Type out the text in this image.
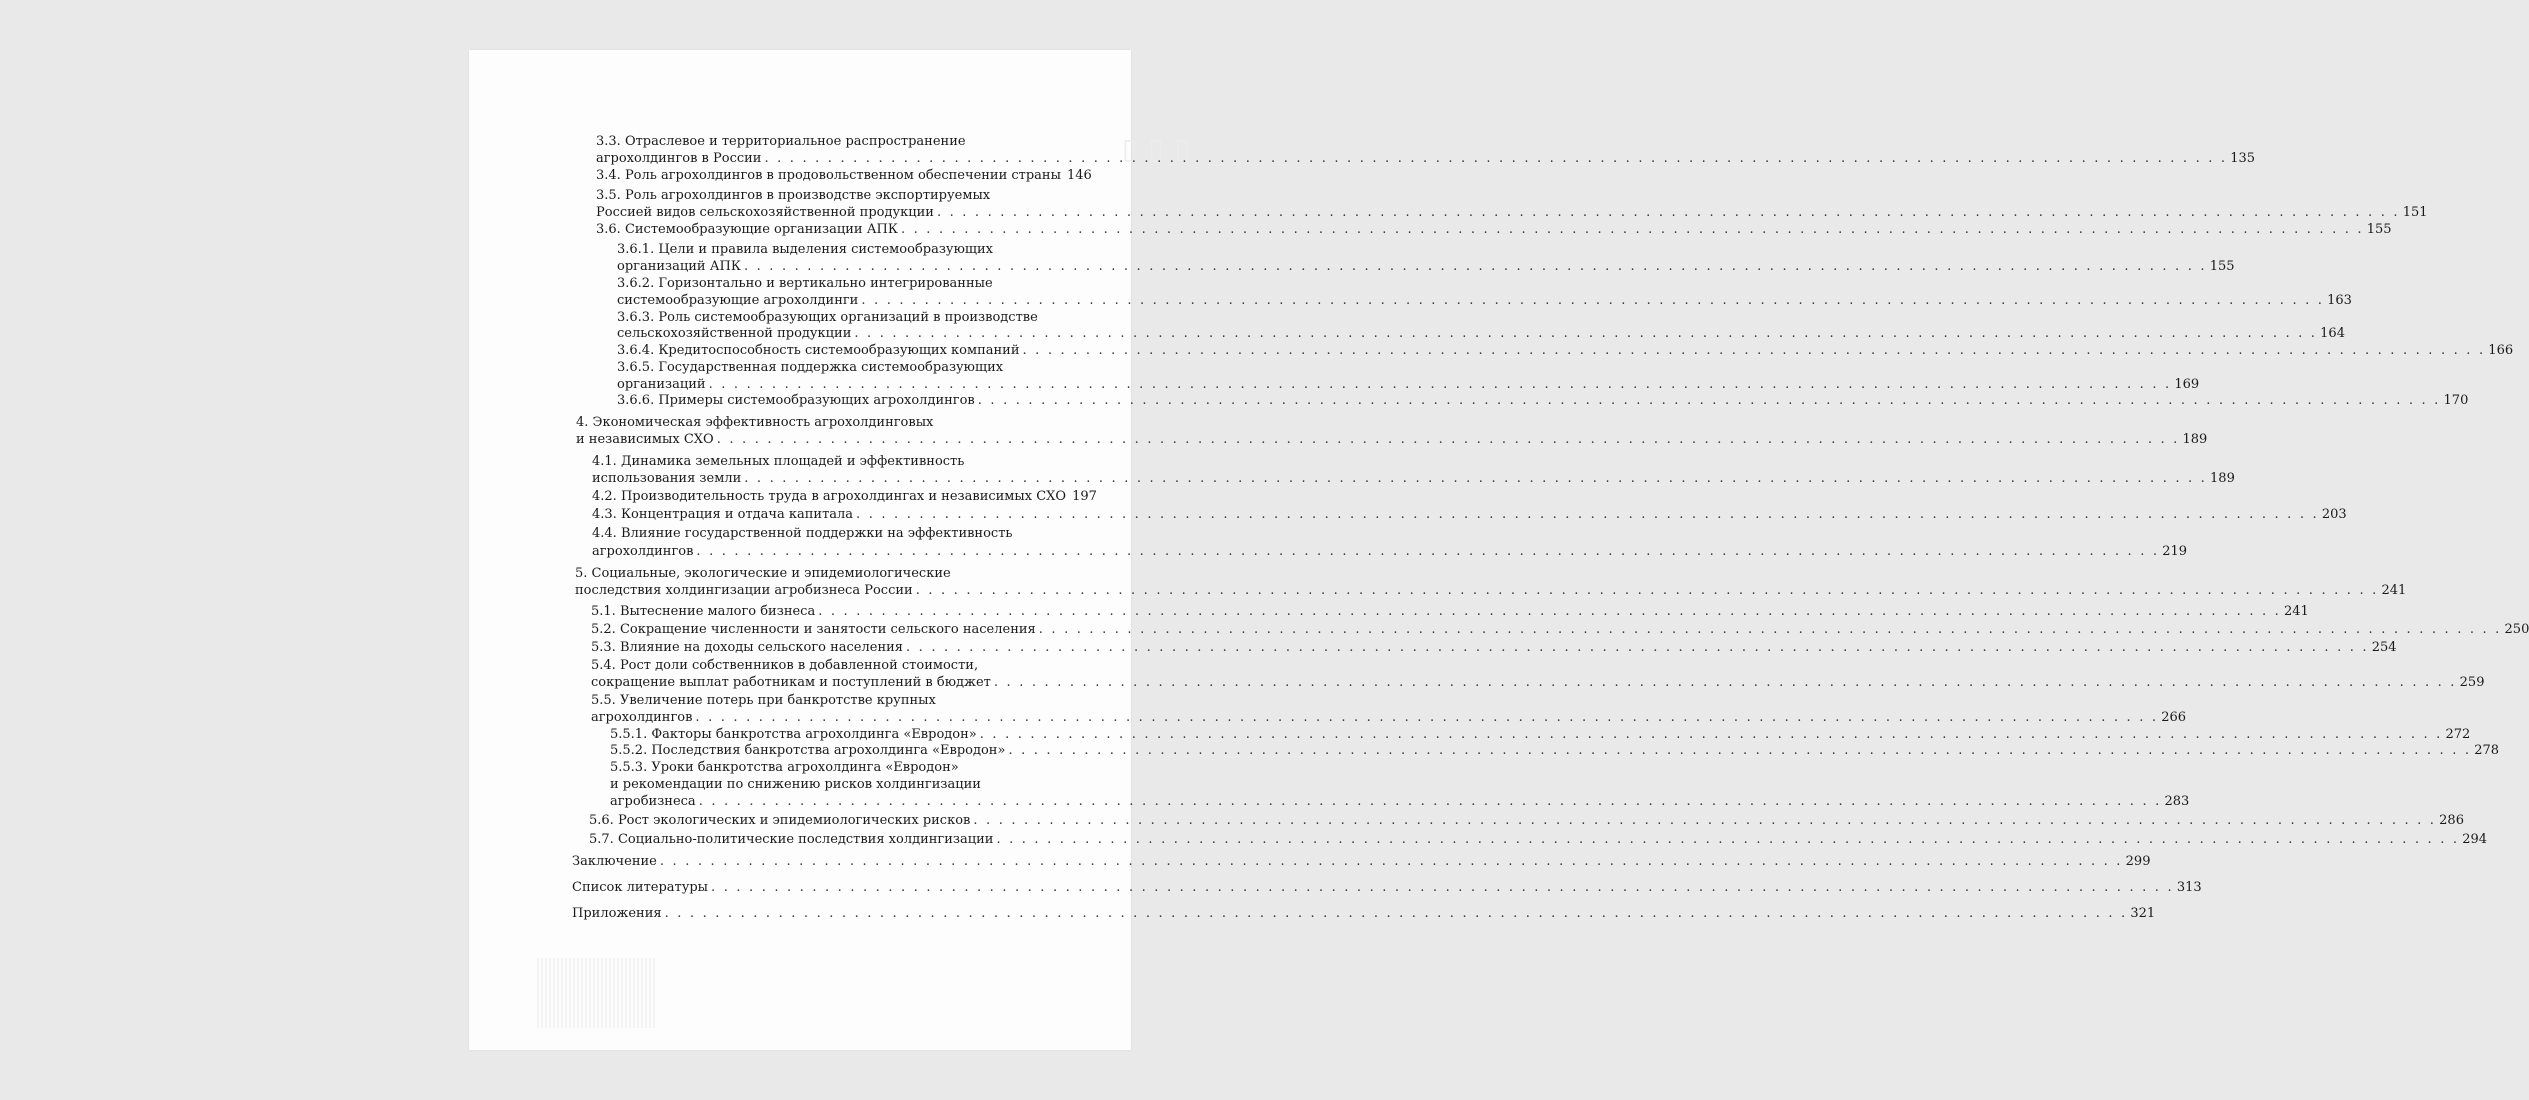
▯ ▯ ▯
3.3. Отраслевое и территориальное распространение
агрохолдингов в России . . .	135
3.4. Роль агрохолдингов в продовольственном обеспечении страны 146
3.5. Роль агрохолдингов в производстве экспортируемых
Россией видов сельскохозяйственной продукции . . .	151
3.6. Системообразующие организации АПК . . .	155
3.6.1. Цели и правила выделения системообразующих
организаций АПК . . .	155
3.6.2. Горизонтально и вертикально интегрированные
системообразующие агрохолдинги . . .	163
3.6.3. Роль системообразующих организаций в производстве
сельскохозяйственной продукции . . .	164
3.6.4. Кредитоспособность системообразующих компаний . . .	166
3.6.5. Государственная поддержка системообразующих
организаций . . .	169
3.6.6. Примеры системообразующих агрохолдингов . . .	170
4. Экономическая эффективность агрохолдинговых
и независимых СХО . . .	189
4.1. Динамика земельных площадей и эффективность
использования земли . . .	189
4.2. Производительность труда в агрохолдингах и независимых СХО 197
4.3. Концентрация и отдача капитала . . .	203
4.4. Влияние государственной поддержки на эффективность
агрохолдингов . . .	219
5. Социальные, экологические и эпидемиологические
последствия холдингизации агробизнеса России . . .	241
5.1. Вытеснение малого бизнеса . . .	241
5.2. Сокращение численности и занятости сельского населения . . .	250
5.3. Влияние на доходы сельского населения . . .	254
5.4. Рост доли собственников в добавленной стоимости,
сокращение выплат работникам и поступлений в бюджет . . .	259
5.5. Увеличение потерь при банкротстве крупных
агрохолдингов . . .	266
5.5.1. Факторы банкротства агрохолдинга «Евродон» . . .	272
5.5.2. Последствия банкротства агрохолдинга «Евродон» . . .	278
5.5.3. Уроки банкротства агрохолдинга «Евродон»
и рекомендации по снижению рисков холдингизации
агробизнеса . . .	283
5.6. Рост экологических и эпидемиологических рисков . . .	286
5.7. Социально-политические последствия холдингизации . . .	294
Заключение . . .	299
Список литературы . . .	313
Приложения . . .	321
